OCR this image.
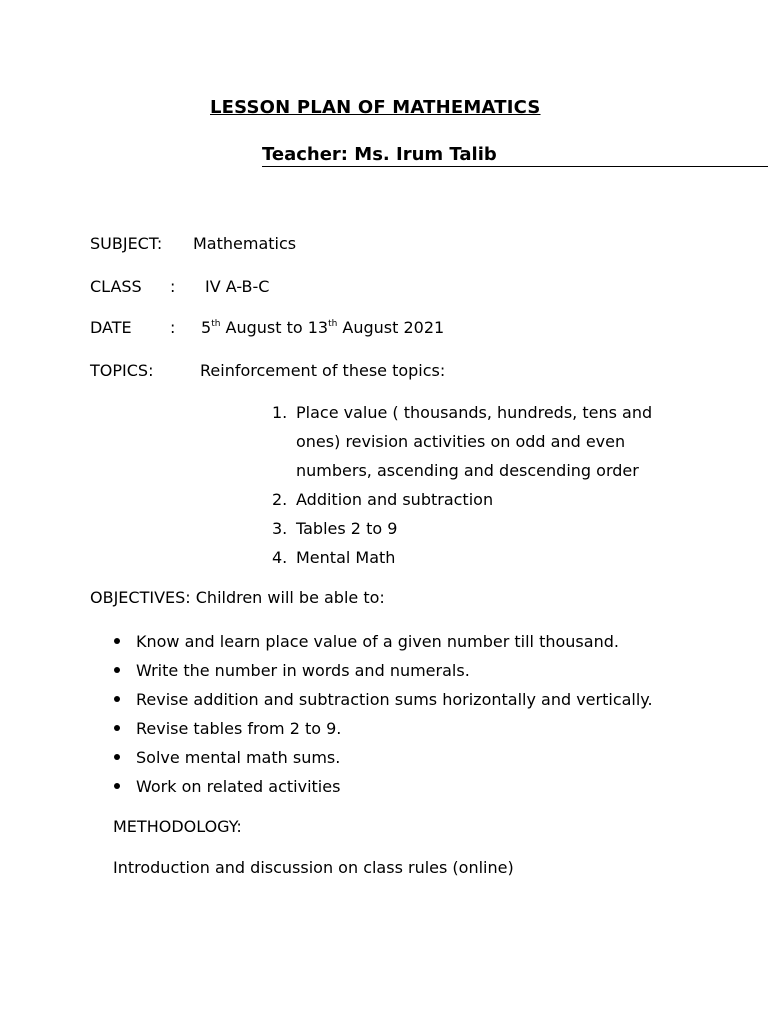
LESSON PLAN OF MATHEMATICS
Teacher: Ms. Irum Talib
SUBJECT: Mathematics
CLASS : IV A-B-C
DATE : 5th August to 13th August 2021
TOPICS:	Reinforcement of these topics:
1. Place value ( thousands, hundreds, tens and ones) revision activities on odd and even numbers, ascending and descending order
2. Addition and subtraction
3. Tables 2 to 9
4. Mental Math
OBJECTIVES: Children will be able to:
Know and learn place value of a given number till thousand.
Write the number in words and numerals.
Revise addition and subtraction sums horizontally and vertically.
Revise tables from 2 to 9.
Solve mental math sums.
Work on related activities
METHODOLOGY:
Introduction and discussion on class rules (online)
